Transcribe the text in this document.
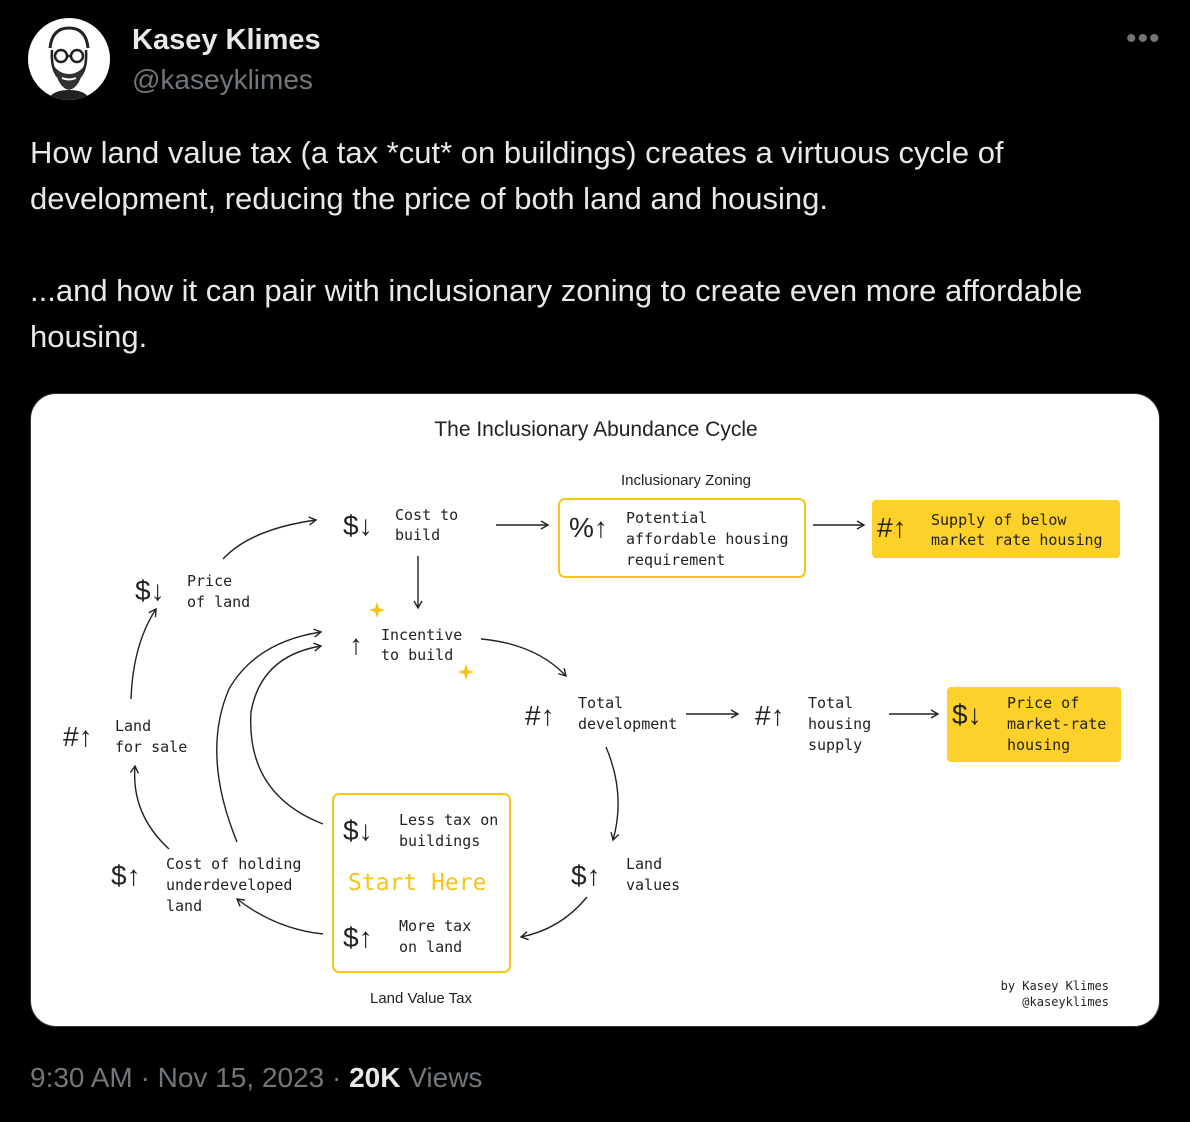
Kasey Klimes
@kaseyklimes
•••

How land value tax (a tax *cut* on buildings) creates a virtuous cycle of development, reducing the price of both land and housing.

...and how it can pair with inclusionary zoning to create even more affordable housing.

The Inclusionary Abundance Cycle
Inclusionary Zoning
Land Value Tax
$↓ Cost to
build	%↑ Potential
affordable housing
requirement
#↑ Supply of below
market rate housing
$↓ Price
of land
↑ Incentive
to build
#↑ Land
for sale
#↑ Total
development	#↑ Total
housing
supply
$↓ Price of
market-rate
housing
$↓ Less tax on
buildings
Start Here
$↑ More tax
on land
$↑ Cost of holding
underdeveloped
land
$↑ Land
values
by Kasey Klimes
@kaseyklimes
9:30 AM · Nov 15, 2023 · 20K Views
